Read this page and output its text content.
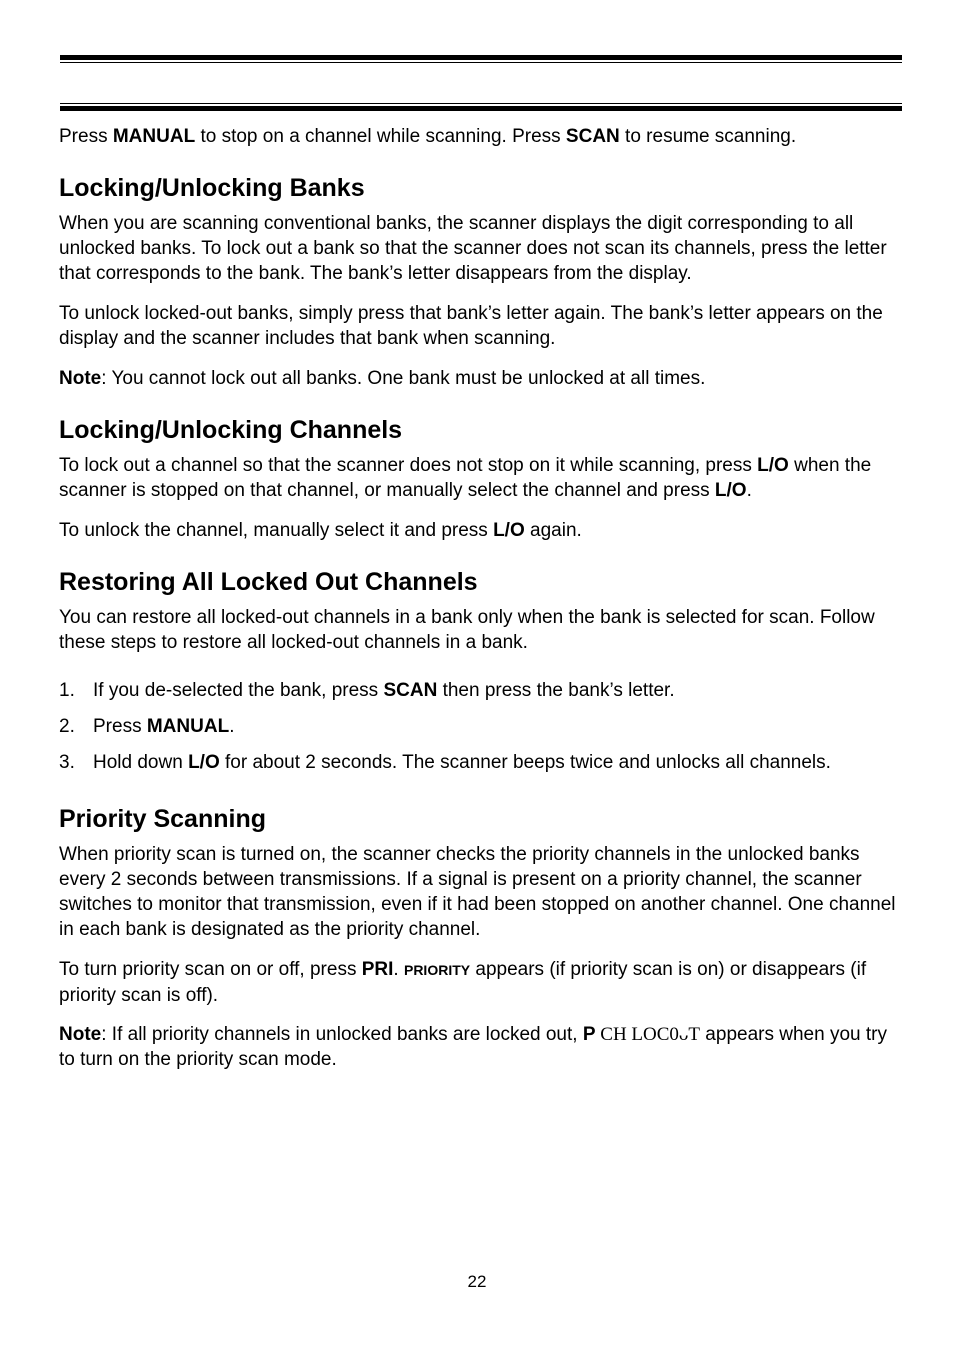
Press MANUAL to stop on a channel while scanning. Press SCAN to resume scanning.

Locking/Unlocking Banks

When you are scanning conventional banks, the scanner displays the digit corresponding to all unlocked banks. To lock out a bank so that the scanner does not scan its channels, press the letter that corresponds to the bank. The bank’s letter disappears from the display.

To unlock locked-out banks, simply press that bank’s letter again. The bank’s letter appears on the display and the scanner includes that bank when scanning.

Note: You cannot lock out all banks. One bank must be unlocked at all times.

Locking/Unlocking Channels

To lock out a channel so that the scanner does not stop on it while scanning, press L/O when the scanner is stopped on that channel, or manually select the channel and press L/O.

To unlock the channel, manually select it and press L/O again.

Restoring All Locked Out Channels

You can restore all locked-out channels in a bank only when the bank is selected for scan. Follow these steps to restore all locked-out channels in a bank.

1. If you de-selected the bank, press SCAN then press the bank’s letter.
2. Press MANUAL.
3. Hold down L/O for about 2 seconds. The scanner beeps twice and unlocks all channels.
Priority Scanning

When priority scan is turned on, the scanner checks the priority channels in the unlocked banks every 2 seconds between transmissions. If a signal is present on a priority channel, the scanner switches to monitor that transmission, even if it had been stopped on another channel. One channel in each bank is designated as the priority channel.

To turn priority scan on or off, press PRI. PRIORITY appears (if priority scan is on) or disappears (if priority scan is off).

Note: If all priority channels in unlocked banks are locked out, P CH LOC0ᴗT appears when you try to turn on the priority scan mode.

22
